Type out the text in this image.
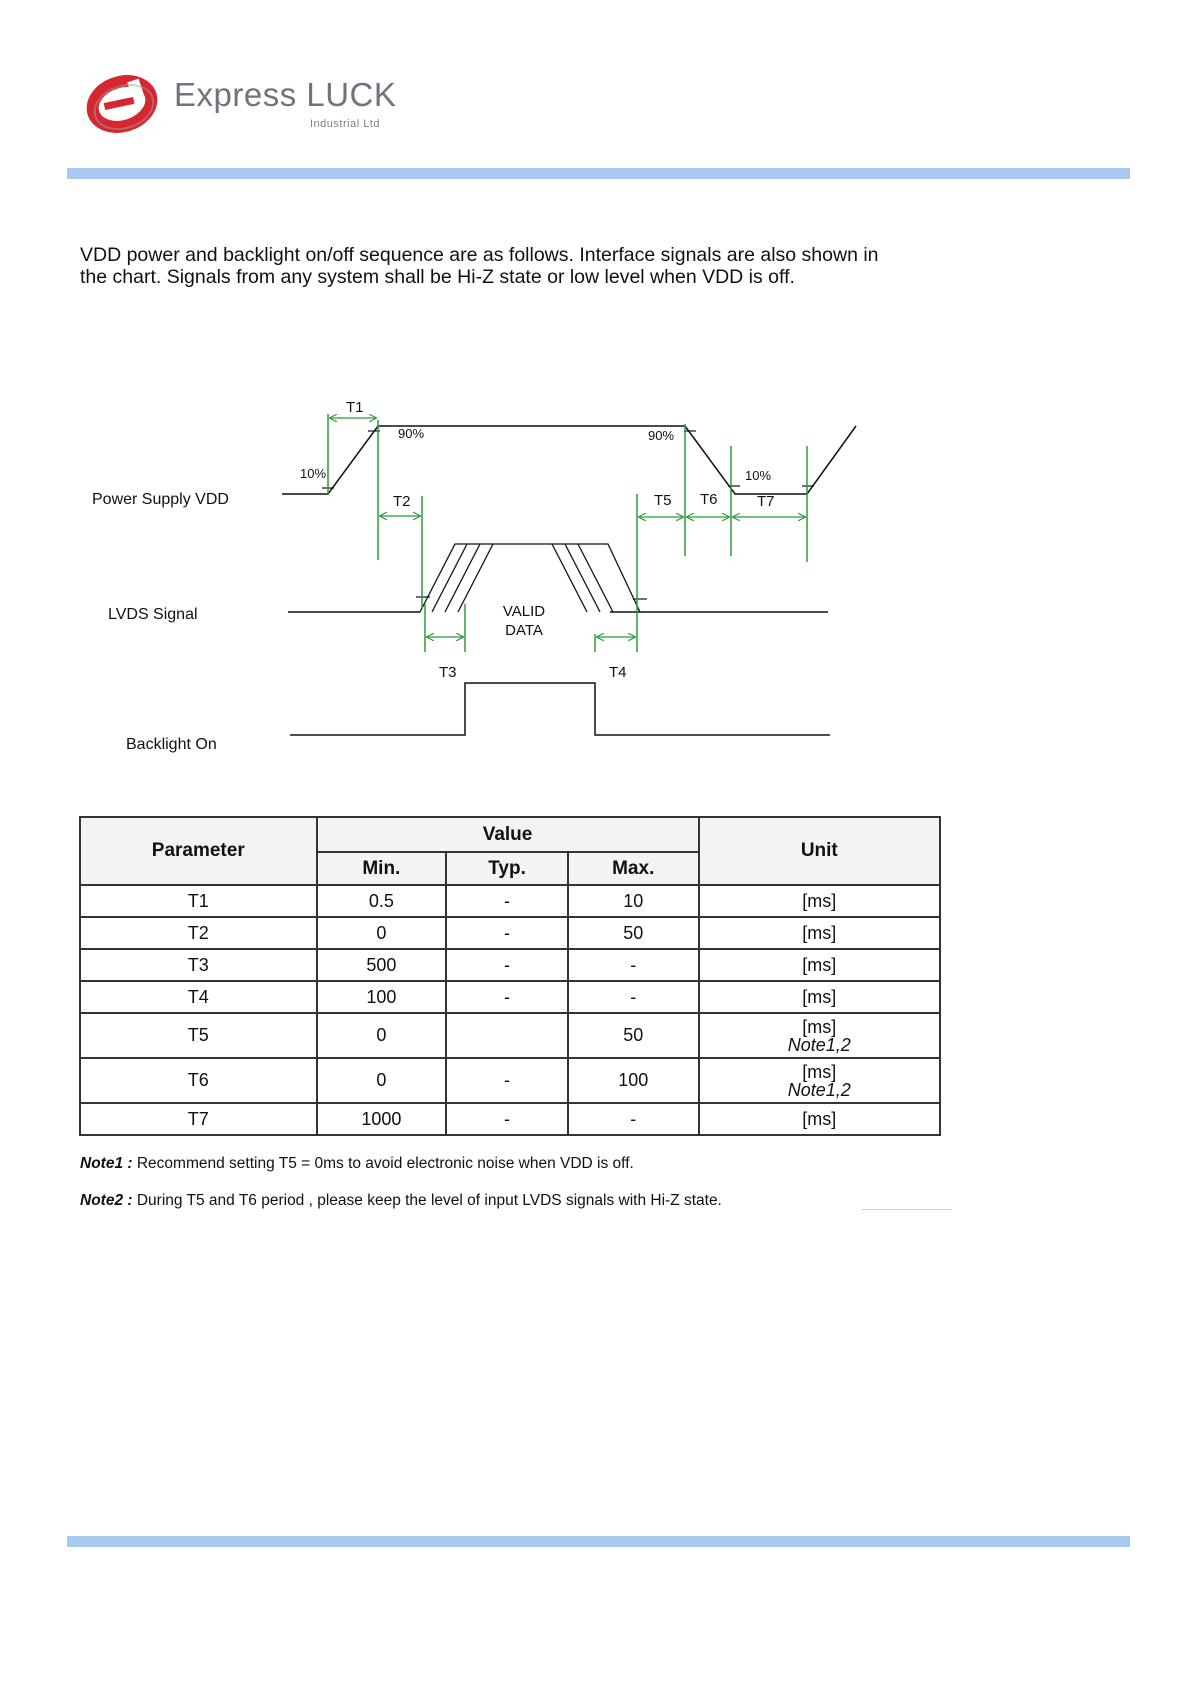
Express LUCK
Industrial Ltd
VDD power and backlight on/off sequence are as follows. Interface signals are also shown in
the chart. Signals from any system shall be Hi-Z state or low level when VDD is off.
Power Supply VDD
LVDS Signal
Backlight On
90%	90%
10%	10%
VALID
DATA
T1
T2
T3	T4
T5 T6	T7
Parameter	Value			Unit
	Min.	Typ.	Max.	
T1	0.5	-	10	[ms]
T2	0	-	50	[ms]
T3	500	-	-	[ms]
T4	100	-	-	[ms]
T5	0		50	[ms]
Note1,2

T6	0	-	100	[ms]
Note1,2

T7	1000	-	-	[ms]
Note1 : Recommend setting T5 = 0ms to avoid electronic noise when VDD is off.
Note2 : During T5 and T6 period , please keep the level of input LVDS signals with Hi-Z state.
